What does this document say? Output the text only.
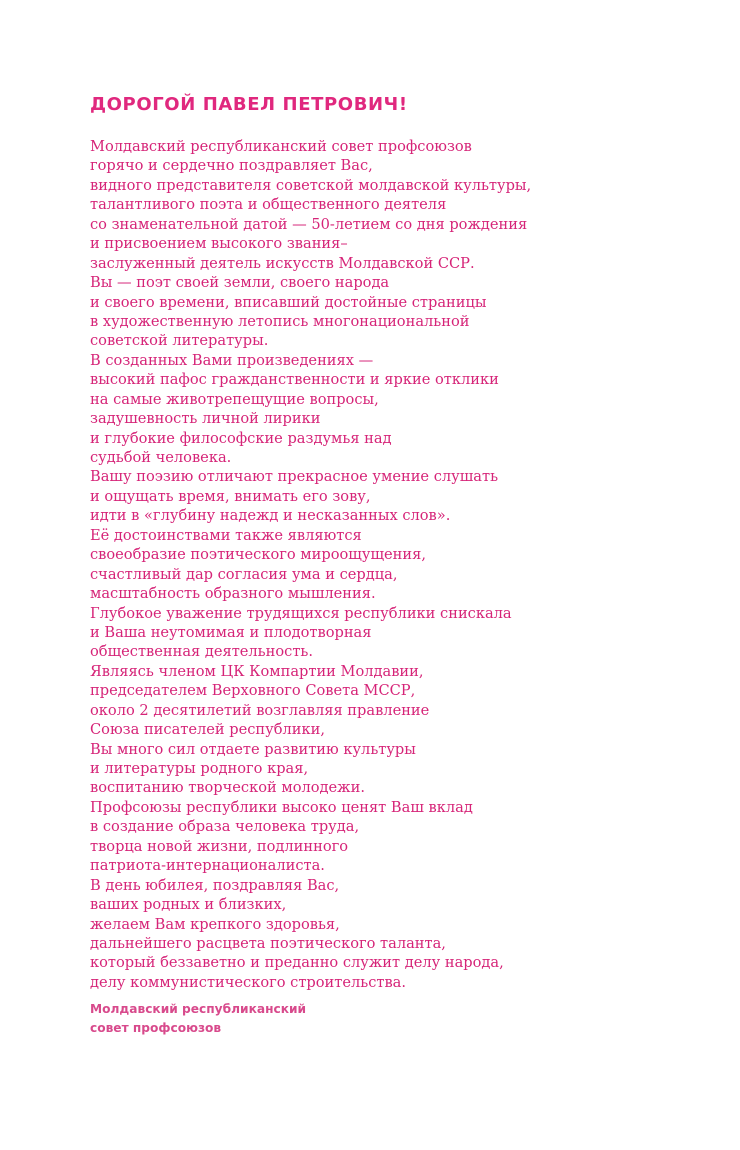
ДОРОГОЙ ПАВЕЛ ПЕТРОВИЧ!
Молдавский республиканский совет профсоюзов
горячо и сердечно поздравляет Вас,
видного представителя советской молдавской культуры,
талантливого поэта и общественного деятеля
со знаменательной датой — 50-летием со дня рождения
и присвоением высокого звания–
заслуженный деятель искусств Молдавской ССР.
Вы — поэт своей земли, своего народа
и своего времени, вписавший достойные страницы
в художественную летопись многонациональной
советской литературы.
В созданных Вами произведениях —
высокий пафос гражданственности и яркие отклики
на самые животрепещущие вопросы,
задушевность личной лирики
и глубокие философские раздумья над
судьбой человека.
Вашу поэзию отличают прекрасное умение слушать
и ощущать время, внимать его зову,
идти в «глубину надежд и несказанных слов».
Её достоинствами также являются
своеобразие поэтического мироощущения,
счастливый дар согласия ума и сердца,
масштабность образного мышления.
Глубокое уважение трудящихся республики снискала
и Ваша неутомимая и плодотворная
общественная деятельность.
Являясь членом ЦК Компартии Молдавии,
председателем Верховного Совета МССР,
около 2 десятилетий возглавляя правление
Союза писателей республики,
Вы много сил отдаете развитию культуры
и литературы родного края,
воспитанию творческой молодежи.
Профсоюзы республики высоко ценят Ваш вклад
в создание образа человека труда,
творца новой жизни, подлинного
патриота-интернационалиста.
В день юбилея, поздравляя Вас,
ваших родных и близких,
желаем Вам крепкого здоровья,
дальнейшего расцвета поэтического таланта,
который беззаветно и преданно служит делу народа,
делу коммунистического строительства.
Молдавский республиканский
совет профсоюзов
